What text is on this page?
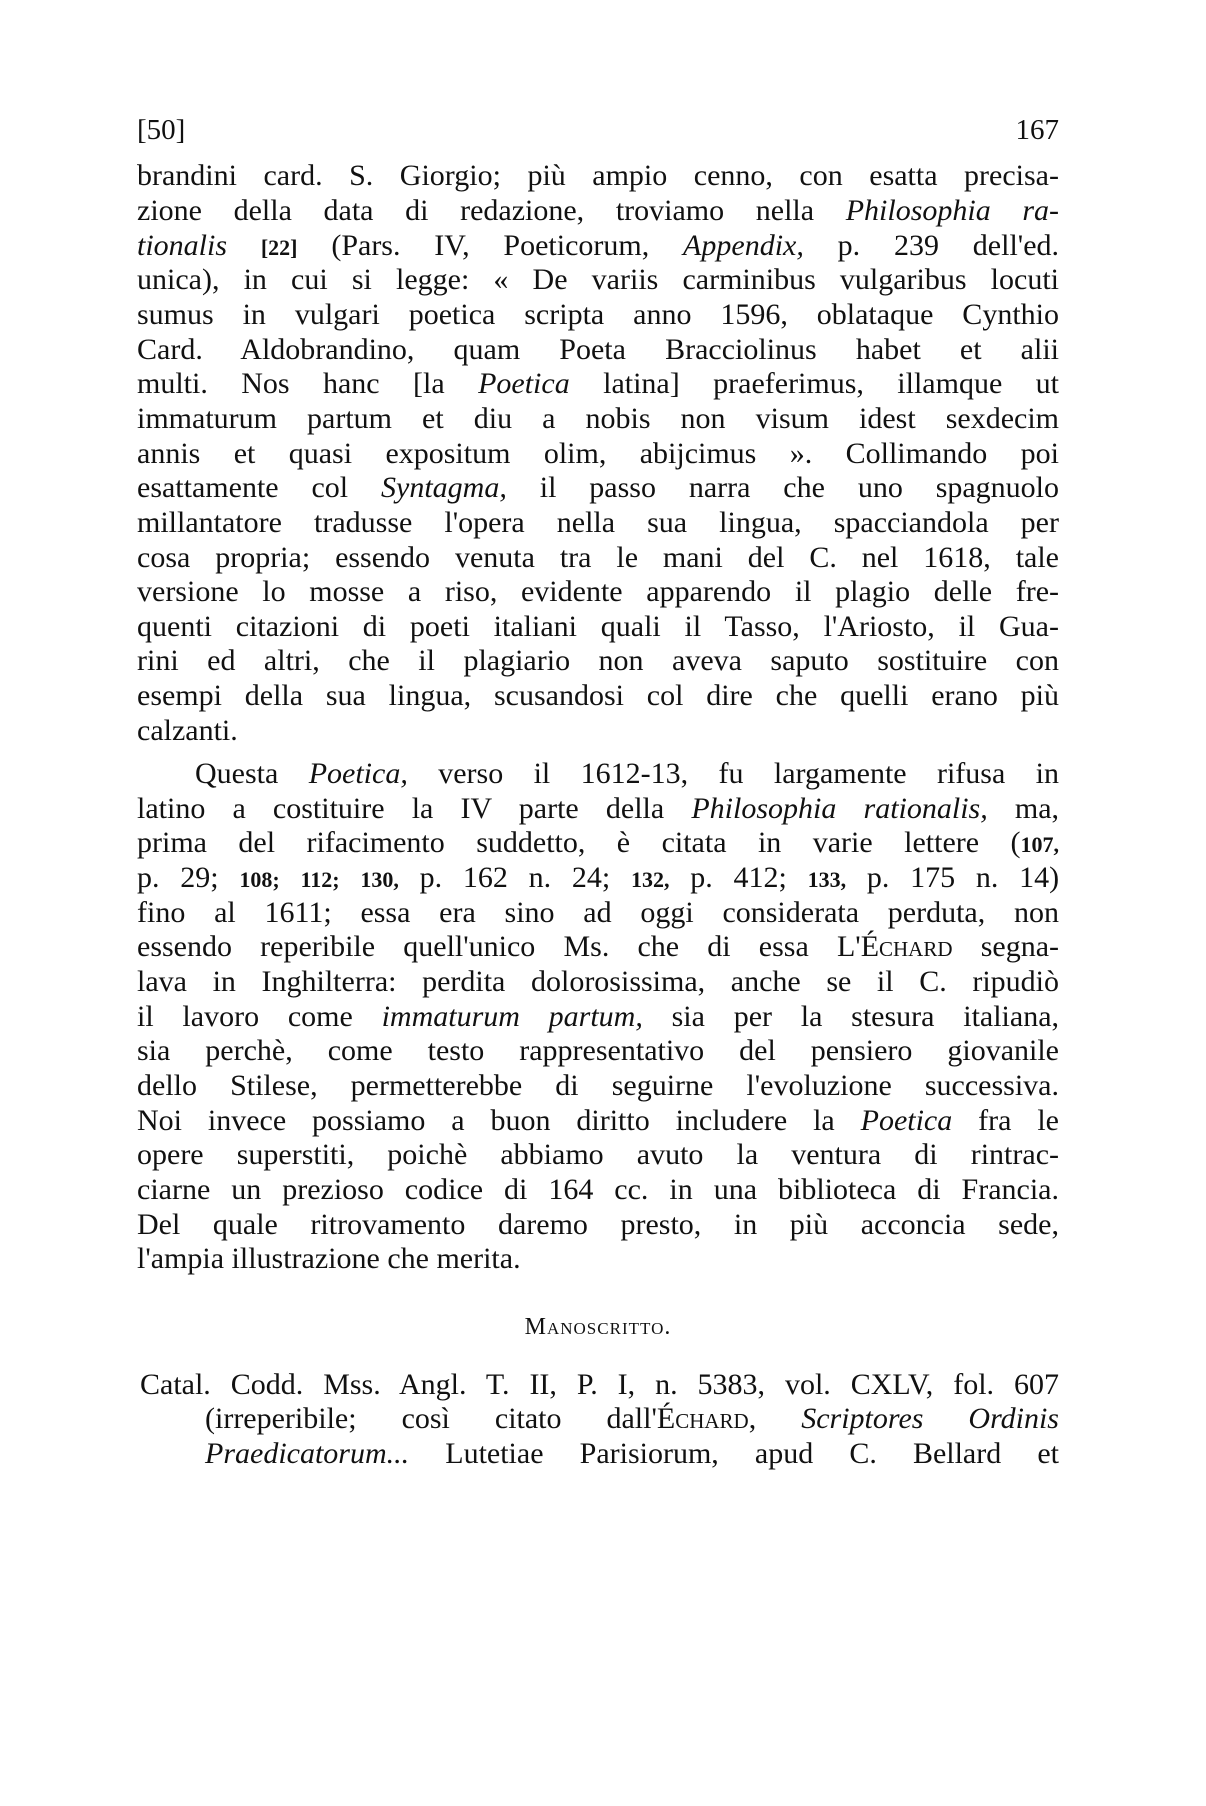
[50]	167
brandini card. S. Giorgio; più ampio cenno, con esatta precisa-
zione della data di redazione, troviamo nella Philosophia ra-
tionalis [22] (Pars. IV, Poeticorum, Appendix, p. 239 dell'ed.
unica), in cui si legge: « De variis carminibus vulgaribus locuti
sumus in vulgari poetica scripta anno 1596, oblataque Cynthio
Card. Aldobrandino, quam Poeta Bracciolinus habet et alii
multi. Nos hanc [la Poetica latina] praeferimus, illamque ut
immaturum partum et diu a nobis non visum idest sexdecim
annis et quasi expositum olim, abijcimus ». Collimando poi
esattamente col Syntagma, il passo narra che uno spagnuolo
millantatore tradusse l'opera nella sua lingua, spacciandola per
cosa propria; essendo venuta tra le mani del C. nel 1618, tale
versione lo mosse a riso, evidente apparendo il plagio delle fre-
quenti citazioni di poeti italiani quali il Tasso, l'Ariosto, il Gua-
rini ed altri, che il plagiario non aveva saputo sostituire con
esempi della sua lingua, scusandosi col dire che quelli erano più
calzanti.
Questa Poetica, verso il 1612-13, fu largamente rifusa in
latino a costituire la IV parte della Philosophia rationalis, ma,
prima del rifacimento suddetto, è citata in varie lettere (107,
p. 29; 108; 112; 130, p. 162 n. 24; 132, p. 412; 133, p. 175 n. 14)
fino al 1611; essa era sino ad oggi considerata perduta, non
essendo reperibile quell'unico Ms. che di essa L'Échard segna-
lava in Inghilterra: perdita dolorosissima, anche se il C. ripudiò
il lavoro come immaturum partum, sia per la stesura italiana,
sia perchè, come testo rappresentativo del pensiero giovanile
dello Stilese, permetterebbe di seguirne l'evoluzione successiva.
Noi invece possiamo a buon diritto includere la Poetica fra le
opere superstiti, poichè abbiamo avuto la ventura di rintrac-
ciarne un prezioso codice di 164 cc. in una biblioteca di Francia.
Del quale ritrovamento daremo presto, in più acconcia sede,
l'ampia illustrazione che merita.
Manoscritto.
Catal. Codd. Mss. Angl. T. II, P. I, n. 5383, vol. CXLV, fol. 607
(irreperibile; così citato dall'Échard, Scriptores Ordinis
Praedicatorum... Lutetiae Parisiorum, apud C. Bellard et
